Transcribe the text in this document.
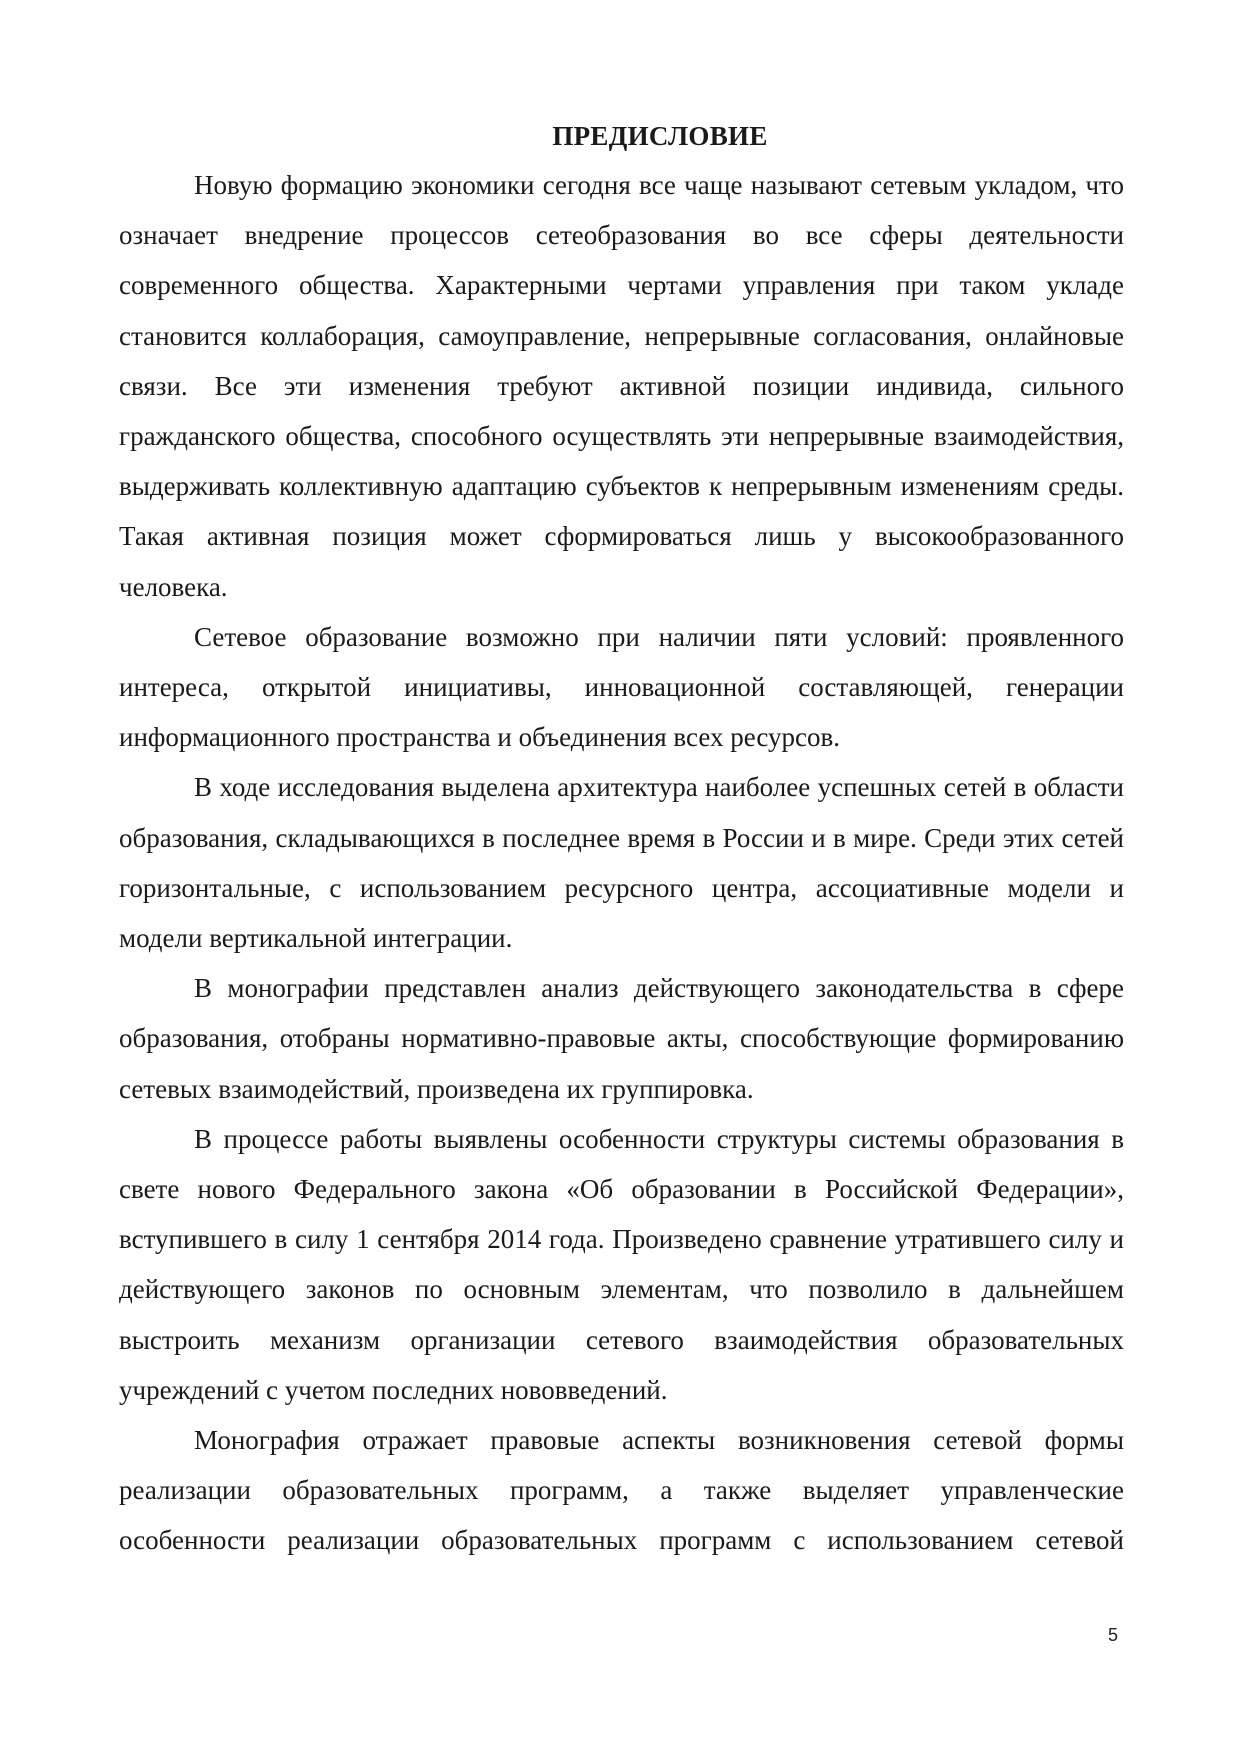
ПРЕДИСЛОВИЕ

Новую формацию экономики сегодня все чаще называют сетевым укладом, что означает внедрение процессов сетеобразования во все сферы деятельности современного общества. Характерными чертами управления при таком укладе становится коллаборация, самоуправление, непрерывные согласования, онлайновые связи. Все эти изменения требуют активной позиции индивида, сильного гражданского общества, способного осуществлять эти непрерывные взаимодействия, выдерживать коллективную адаптацию субъектов к непрерывным изменениям среды. Такая активная позиция может сформироваться лишь у высокообразованного человека.

Сетевое образование возможно при наличии пяти условий: проявленного интереса, открытой инициативы, инновационной составляющей, генерации информационного пространства и объединения всех ресурсов.

В ходе исследования выделена архитектура наиболее успешных сетей в области образования, складывающихся в последнее время в России и в мире. Среди этих сетей горизонтальные, с использованием ресурсного центра, ассоциативные модели и модели вертикальной интеграции.

В монографии представлен анализ действующего законодательства в сфере образования, отобраны нормативно-правовые акты, способствующие формированию сетевых взаимодействий, произведена их группировка.

В процессе работы выявлены особенности структуры системы образования в свете нового Федерального закона «Об образовании в Российской Федерации», вступившего в силу 1 сентября 2014 года. Произведено сравнение утратившего силу и действующего законов по основным элементам, что позволило в дальнейшем выстроить механизм организации сетевого взаимодействия образовательных учреждений с учетом последних нововведений.

Монография отражает правовые аспекты возникновения сетевой формы реализации образовательных программ, а также выделяет управленческие особенности реализации образовательных программ с использованием сетевой

5
